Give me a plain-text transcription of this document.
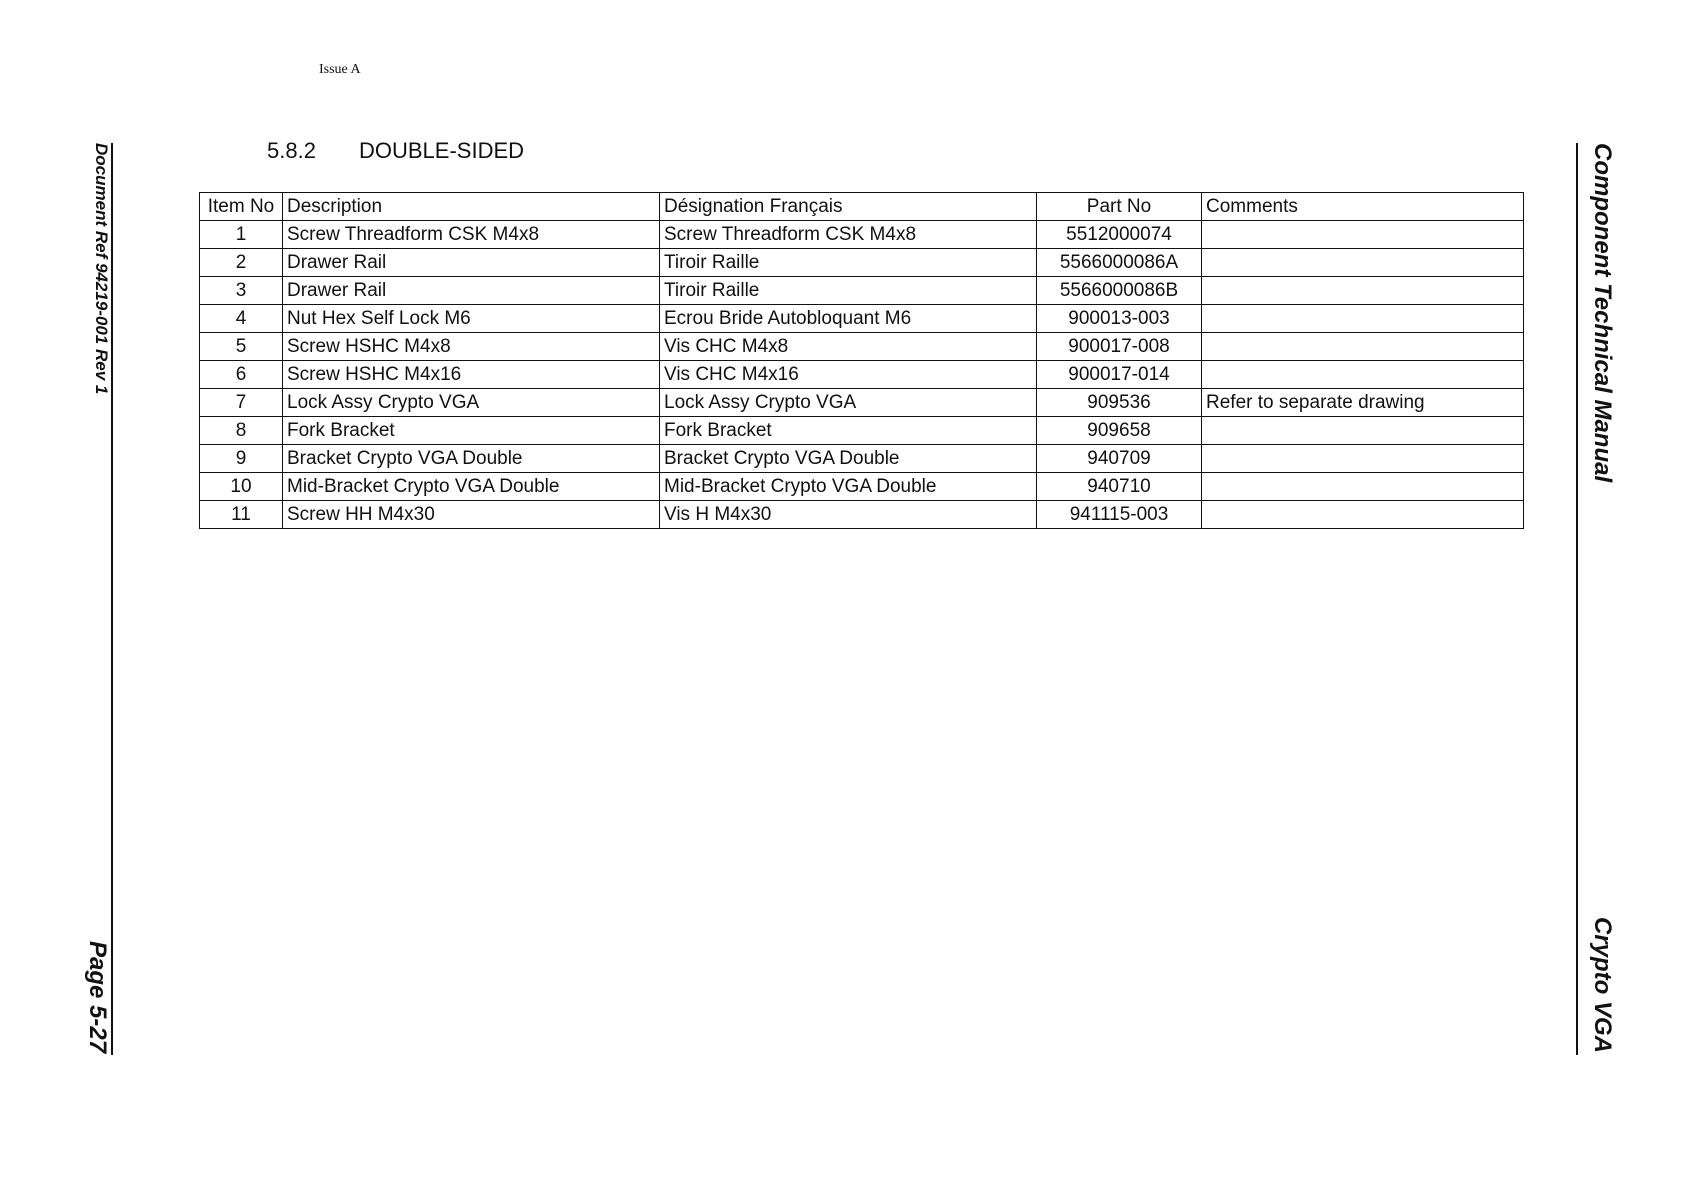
Issue A
Document Ref 94219-001 Rev 1
Page 5-27
Component Technical Manual
Crypto VGA
5.8.2	DOUBLE-SIDED
Item No	Description	Désignation Français	Part No	Comments
1	Screw Threadform CSK M4x8	Screw Threadform CSK M4x8	5512000074	
2	Drawer Rail	Tiroir Raille	5566000086A	
3	Drawer Rail	Tiroir Raille	5566000086B	
4	Nut Hex Self Lock M6	Ecrou Bride Autobloquant M6	900013-003	
5	Screw HSHC M4x8	Vis CHC M4x8	900017-008	
6	Screw HSHC M4x16	Vis CHC M4x16	900017-014	
7	Lock Assy Crypto VGA	Lock Assy Crypto VGA	909536	Refer to separate drawing
8	Fork Bracket	Fork Bracket	909658	
9	Bracket Crypto VGA Double	Bracket Crypto VGA Double	940709	
10	Mid-Bracket Crypto VGA Double	Mid-Bracket Crypto VGA Double	940710	
11	Screw HH M4x30	Vis H M4x30	941115-003	
